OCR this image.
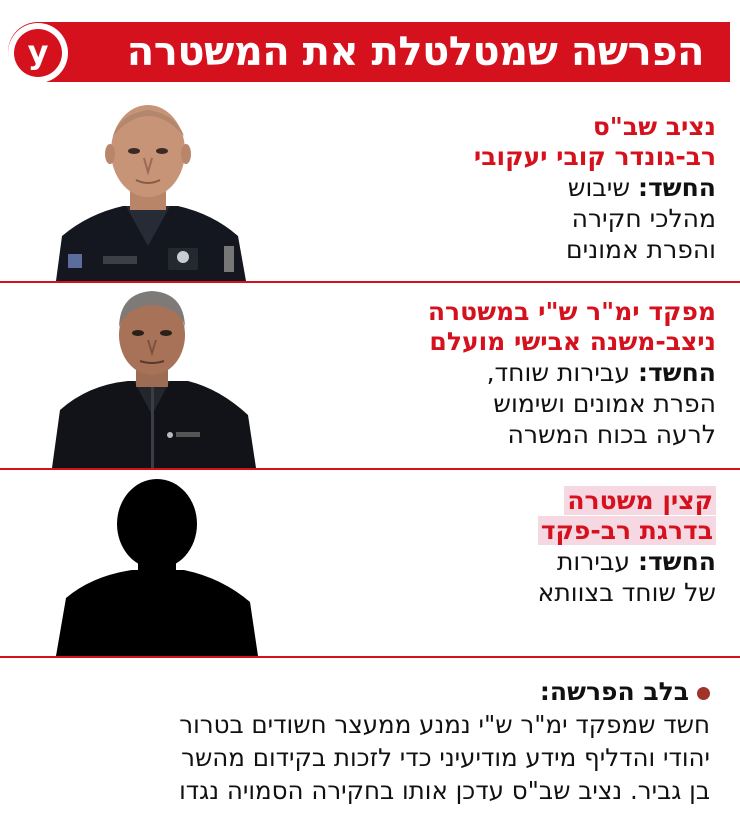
הפרשה שמטלטלת את המשטרה
y
נציב שב"ס
רב-גונדר קובי יעקובי
החשד: שיבוש
מהלכי חקירה
והפרת אמונים
מפקד ימ"ר ש"י במשטרה
ניצב-משנה אבישי מועלם
החשד: עבירות שוחד,
הפרת אמונים ושימוש
לרעה בכוח המשרה
קצין משטרה
בדרגת רב-פקד
החשד: עבירות
של שוחד בצוותא
בלב הפרשה:
חשד שמפקד ימ"ר ש"י נמנע ממעצר חשודים בטרור
יהודי והדליף מידע מודיעיני כדי לזכות בקידום מהשר
בן גביר. נציב שב"ס עדכן אותו בחקירה הסמויה נגדו
